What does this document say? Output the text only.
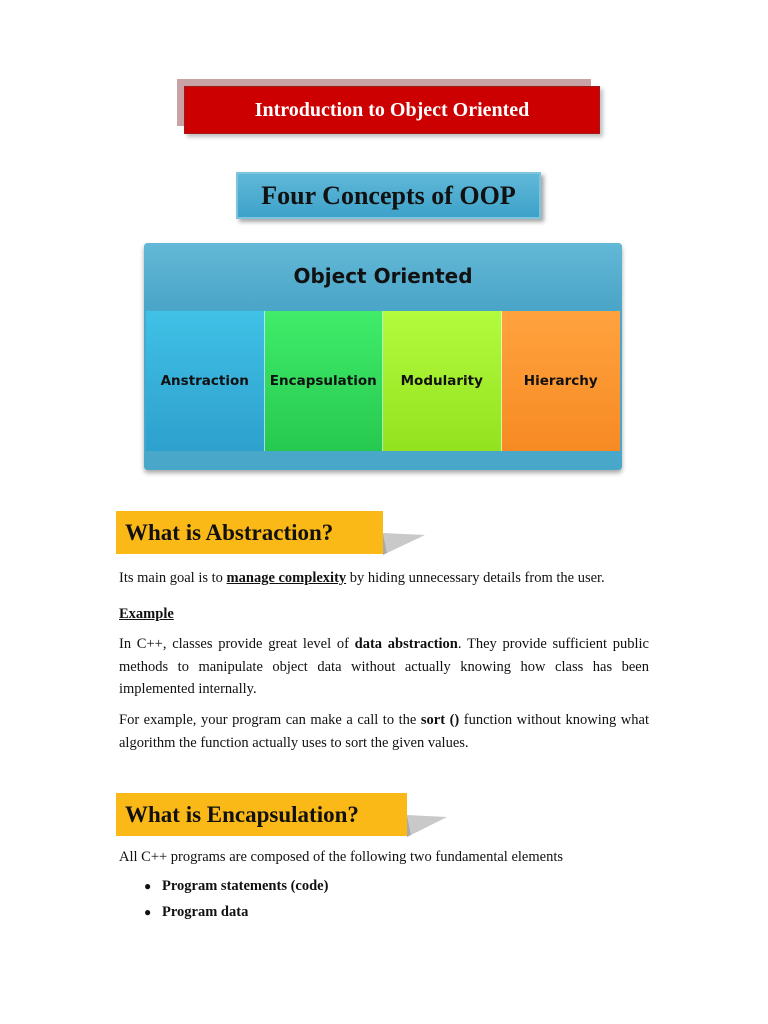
Introduction to Object Oriented
Four Concepts of OOP
Object Oriented
Anstraction	Encapsulation	Modularity	Hierarchy
What is Abstraction?

Its main goal is to manage complexity by hiding unnecessary details from the user.

Example

In C++, classes provide great level of data abstraction. They provide sufficient public methods to manipulate object data without actually knowing how class has been implemented internally.

For example, your program can make a call to the sort () function without knowing what algorithm the function actually uses to sort the given values.

What is Encapsulation?

All C++ programs are composed of the following two fundamental elements

● Program statements (code)
● Program data
